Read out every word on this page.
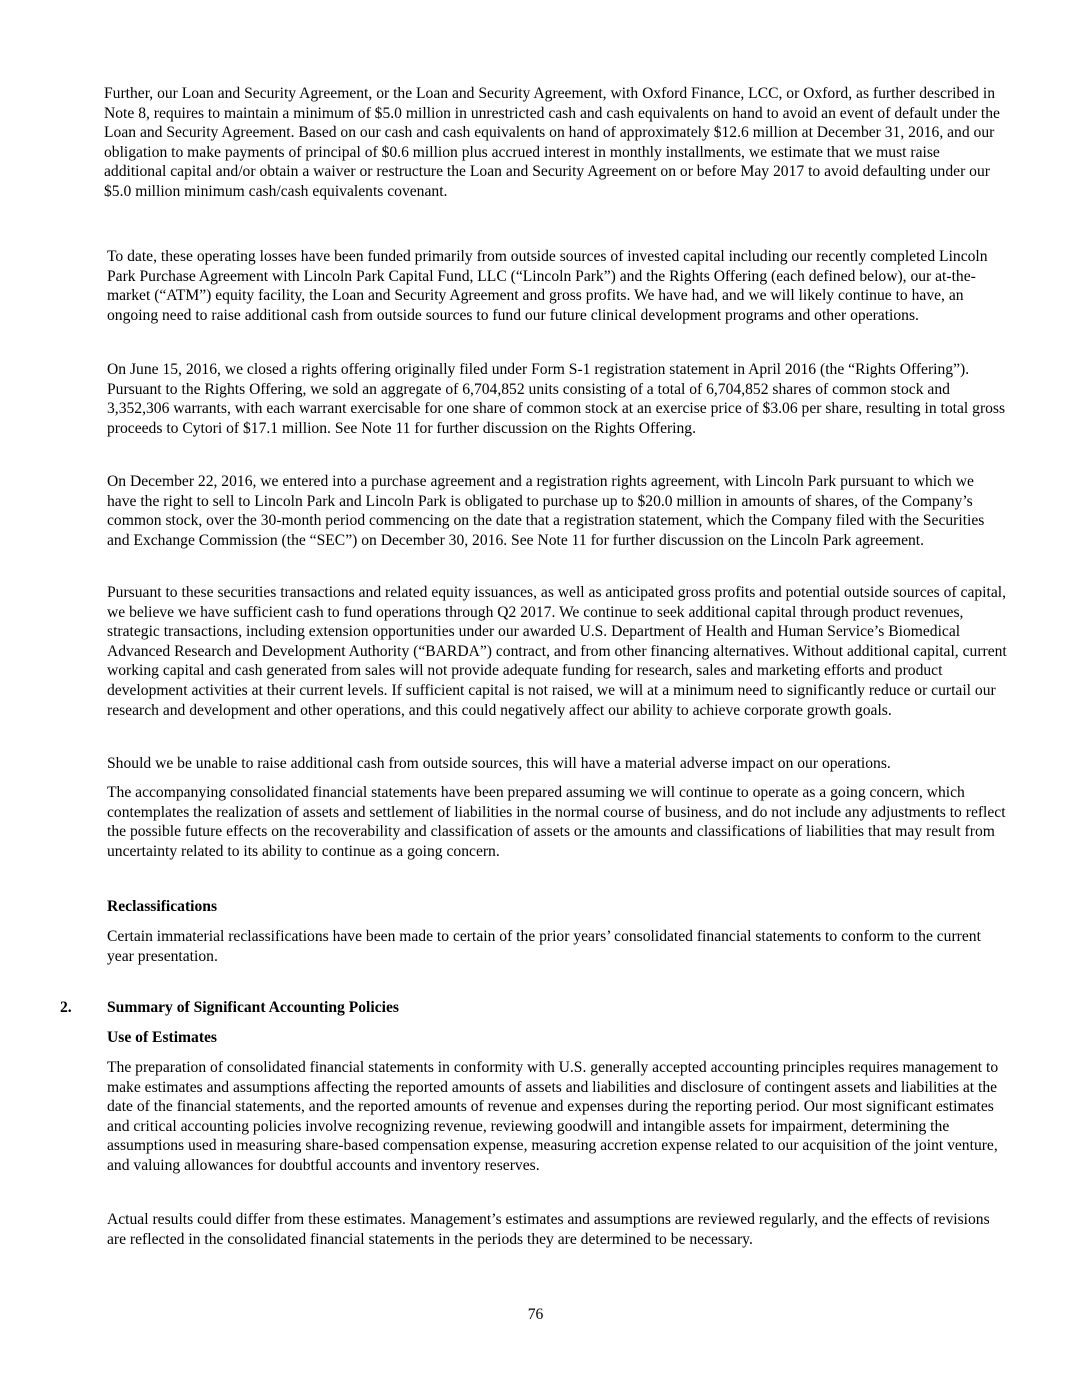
Further, our Loan and Security Agreement, or the Loan and Security Agreement, with Oxford Finance, LCC, or Oxford, as further described in Note 8, requires to maintain a minimum of $5.0 million in unrestricted cash and cash equivalents on hand to avoid an event of default under the Loan and Security Agreement. Based on our cash and cash equivalents on hand of approximately $12.6 million at December 31, 2016, and our obligation to make payments of principal of $0.6 million plus accrued interest in monthly installments, we estimate that we must raise additional capital and/or obtain a waiver or restructure the Loan and Security Agreement on or before May 2017 to avoid defaulting under our $5.0 million minimum cash/cash equivalents covenant.

To date, these operating losses have been funded primarily from outside sources of invested capital including our recently completed Lincoln Park Purchase Agreement with Lincoln Park Capital Fund, LLC (“Lincoln Park”) and the Rights Offering (each defined below), our at-the-market (“ATM”) equity facility, the Loan and Security Agreement and gross profits. We have had, and we will likely continue to have, an ongoing need to raise additional cash from outside sources to fund our future clinical development programs and other operations.

On June 15, 2016, we closed a rights offering originally filed under Form S-1 registration statement in April 2016 (the “Rights Offering”). Pursuant to the Rights Offering, we sold an aggregate of 6,704,852 units consisting of a total of 6,704,852 shares of common stock and 3,352,306 warrants, with each warrant exercisable for one share of common stock at an exercise price of $3.06 per share, resulting in total gross proceeds to Cytori of $17.1 million. See Note 11 for further discussion on the Rights Offering.

On December 22, 2016, we entered into a purchase agreement and a registration rights agreement, with Lincoln Park pursuant to which we have the right to sell to Lincoln Park and Lincoln Park is obligated to purchase up to $20.0 million in amounts of shares, of the Company’s common stock, over the 30-month period commencing on the date that a registration statement, which the Company filed with the Securities and Exchange Commission (the “SEC”) on December 30, 2016. See Note 11 for further discussion on the Lincoln Park agreement.

Pursuant to these securities transactions and related equity issuances, as well as anticipated gross profits and potential outside sources of capital, we believe we have sufficient cash to fund operations through Q2 2017. We continue to seek additional capital through product revenues, strategic transactions, including extension opportunities under our awarded U.S. Department of Health and Human Service’s Biomedical Advanced Research and Development Authority (“BARDA”) contract, and from other financing alternatives. Without additional capital, current working capital and cash generated from sales will not provide adequate funding for research, sales and marketing efforts and product development activities at their current levels. If sufficient capital is not raised, we will at a minimum need to significantly reduce or curtail our research and development and other operations, and this could negatively affect our ability to achieve corporate growth goals.

Should we be unable to raise additional cash from outside sources, this will have a material adverse impact on our operations.

The accompanying consolidated financial statements have been prepared assuming we will continue to operate as a going concern, which contemplates the realization of assets and settlement of liabilities in the normal course of business, and do not include any adjustments to reflect the possible future effects on the recoverability and classification of assets or the amounts and classifications of liabilities that may result from uncertainty related to its ability to continue as a going concern.

Reclassifications

Certain immaterial reclassifications have been made to certain of the prior years’ consolidated financial statements to conform to the current year presentation.

2. Summary of Significant Accounting Policies

Use of Estimates

The preparation of consolidated financial statements in conformity with U.S. generally accepted accounting principles requires management to make estimates and assumptions affecting the reported amounts of assets and liabilities and disclosure of contingent assets and liabilities at the date of the financial statements, and the reported amounts of revenue and expenses during the reporting period. Our most significant estimates and critical accounting policies involve recognizing revenue, reviewing goodwill and intangible assets for impairment, determining the assumptions used in measuring share-based compensation expense, measuring accretion expense related to our acquisition of the joint venture, and valuing allowances for doubtful accounts and inventory reserves.

Actual results could differ from these estimates. Management’s estimates and assumptions are reviewed regularly, and the effects of revisions are reflected in the consolidated financial statements in the periods they are determined to be necessary.

76
